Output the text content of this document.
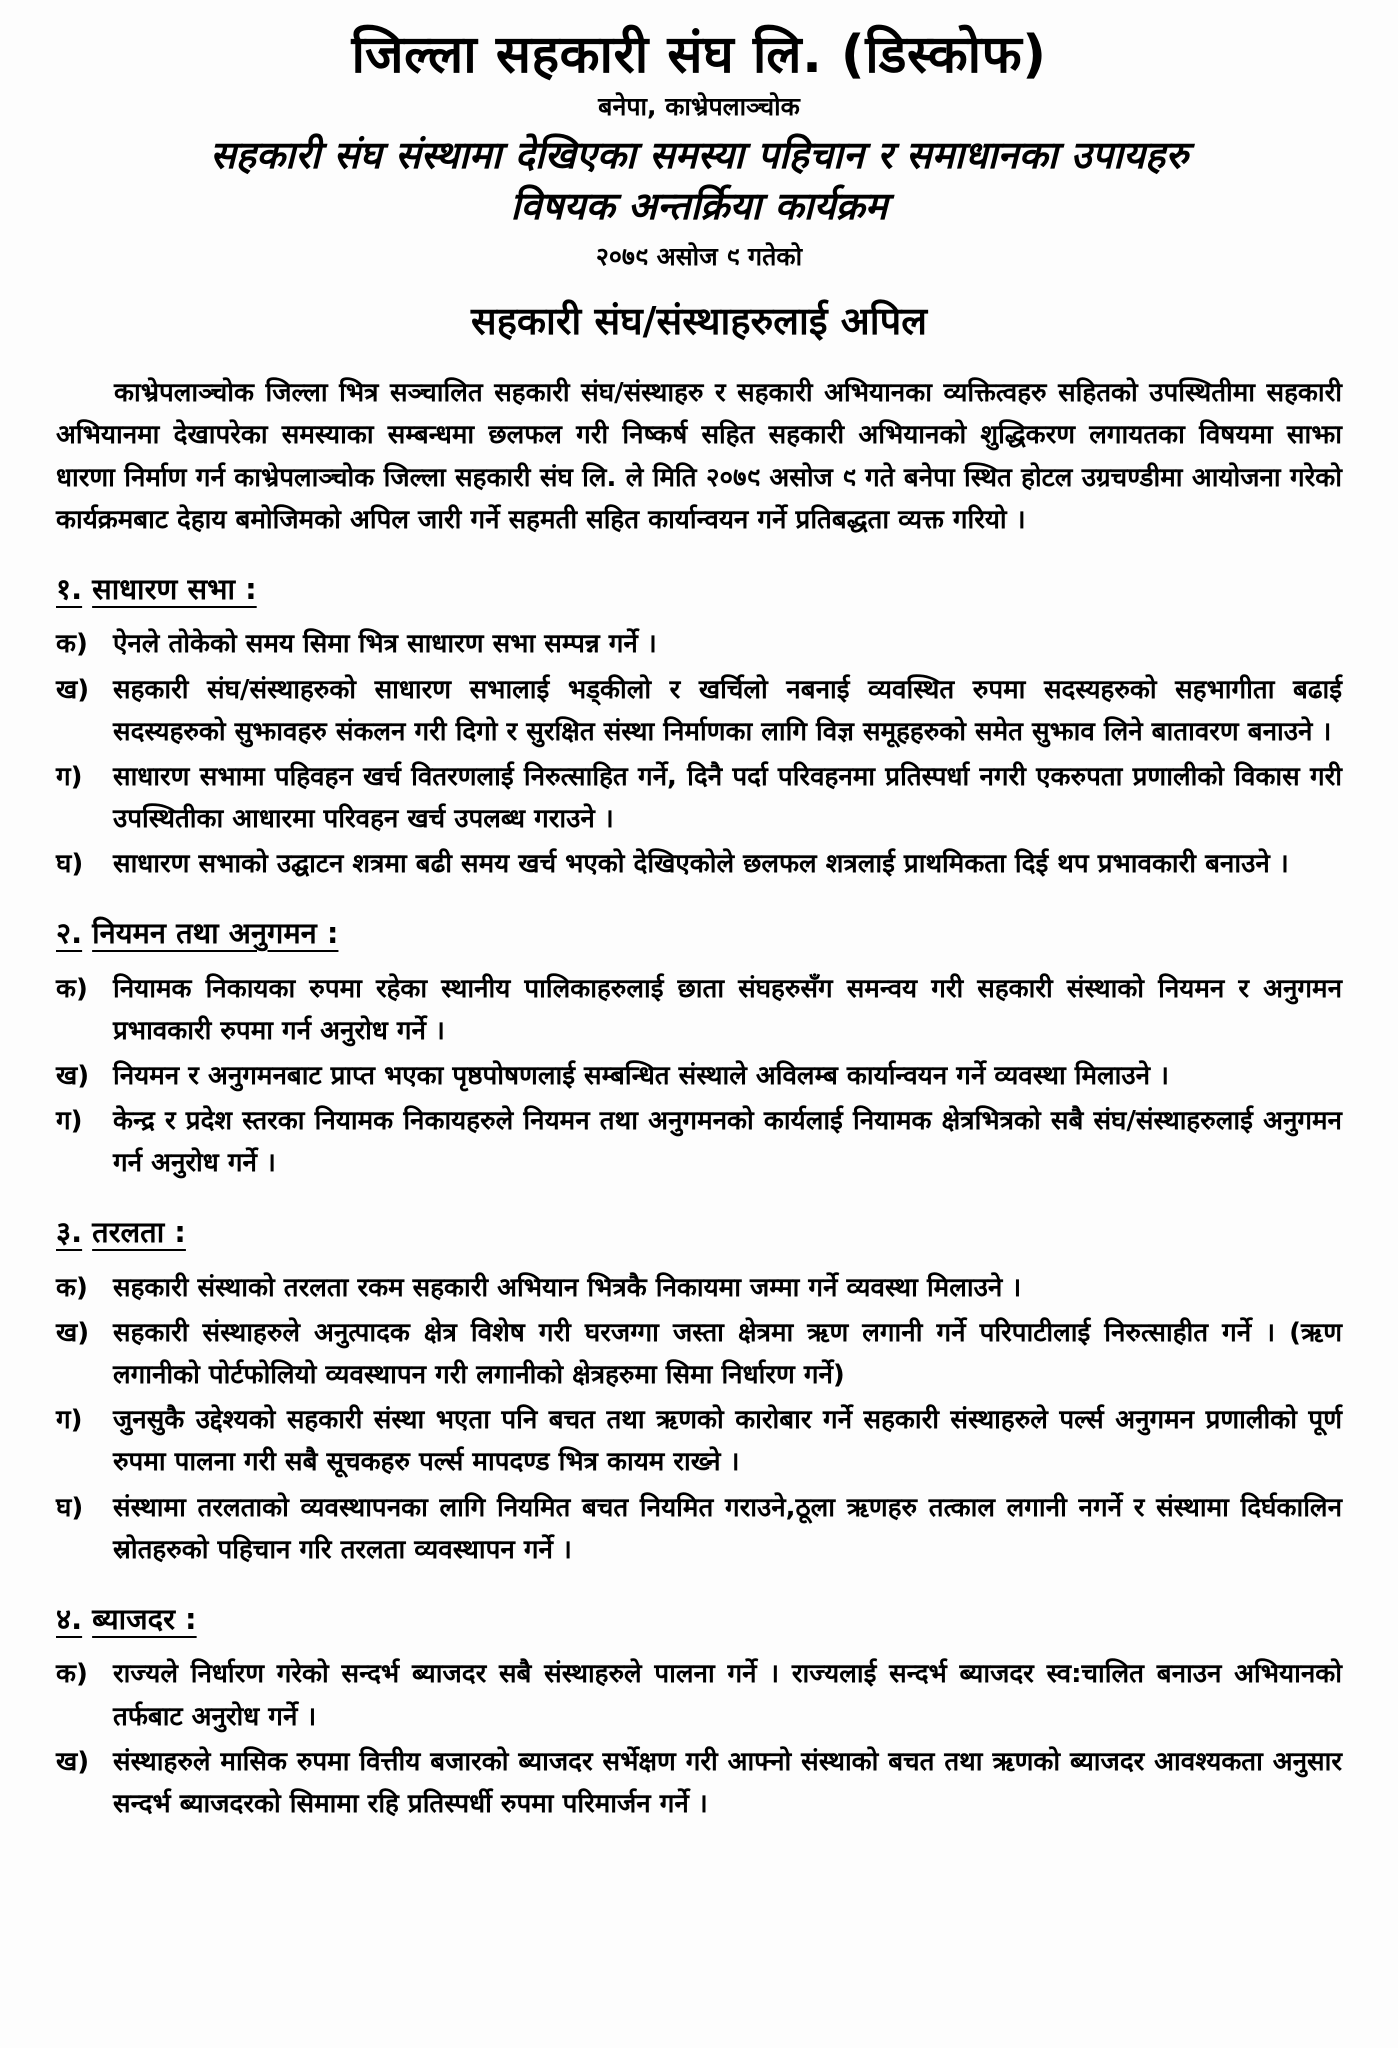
जिल्ला सहकारी संघ लि. (डिस्कोफ)
बनेपा, काभ्रेपलाञ्चोक
सहकारी संघ संस्थामा देखिएका समस्या पहिचान र समाधानका उपायहरु
विषयक अन्तर्क्रिया कार्यक्रम
२०७९ असोज ९ गतेको
सहकारी संघ/संस्थाहरुलाई अपिल

काभ्रेपलाञ्चोक जिल्ला भित्र सञ्चालित सहकारी संघ/संस्थाहरु र सहकारी अभियानका व्यक्तित्वहरु सहितको उपस्थितीमा सहकारी अभियानमा देखापरेका समस्याका सम्बन्धमा छलफल गरी निष्कर्ष सहित सहकारी अभियानको शुद्धिकरण लगायतका विषयमा साझा धारणा निर्माण गर्न काभ्रेपलाञ्चोक जिल्ला सहकारी संघ लि. ले मिति २०७९ असोज ९ गते बनेपा स्थित होटल उग्रचण्डीमा आयोजना गरेको कार्यक्रमबाट देहाय बमोजिमको अपिल जारी गर्ने सहमती सहित कार्यान्वयन गर्ने प्रतिबद्धता व्यक्त गरियो ।

१. साधारण सभा :
क) ऐनले तोकेको समय सिमा भित्र साधारण सभा सम्पन्न गर्ने ।
ख) सहकारी संघ/संस्थाहरुको साधारण सभालाई भड्कीलो र खर्चिलो नबनाई व्यवस्थित रुपमा सदस्यहरुको सहभागीता बढाई सदस्यहरुको सुझावहरु संकलन गरी दिगो र सुरक्षित संस्था निर्माणका लागि विज्ञ समूहहरुको समेत सुझाव लिने बातावरण बनाउने ।
ग)	साधारण सभामा पहिवहन खर्च वितरणलाई निरुत्साहित गर्ने, दिनै पर्दा परिवहनमा प्रतिस्पर्धा नगरी एकरुपता प्रणालीको विकास गरी उपस्थितीका आधारमा परिवहन खर्च उपलब्ध गराउने ।
घ)	साधारण सभाको उद्घाटन शत्रमा बढी समय खर्च भएको देखिएकोले छलफल शत्रलाई प्राथमिकता दिई थप प्रभावकारी बनाउने ।
२. नियमन तथा अनुगमन :
क) नियामक निकायका रुपमा रहेका स्थानीय पालिकाहरुलाई छाता संघहरुसँग समन्वय गरी सहकारी संस्थाको नियमन र अनुगमन प्रभावकारी रुपमा गर्न अनुरोध गर्ने ।
ख) नियमन र अनुगमनबाट प्राप्त भएका पृष्ठपोषणलाई सम्बन्धित संस्थाले अविलम्ब कार्यान्वयन गर्ने व्यवस्था मिलाउने ।
ग)	केन्द्र र प्रदेश स्तरका नियामक निकायहरुले नियमन तथा अनुगमनको कार्यलाई नियामक क्षेत्रभित्रको सबै संघ/संस्थाहरुलाई अनुगमन गर्न अनुरोध गर्ने ।
३. तरलता :
क) सहकारी संस्थाको तरलता रकम सहकारी अभियान भित्रकै निकायमा जम्मा गर्ने व्यवस्था मिलाउने ।
ख) सहकारी संस्थाहरुले अनुत्पादक क्षेत्र विशेष गरी घरजग्गा जस्ता क्षेत्रमा ऋण लगानी गर्ने परिपाटीलाई निरुत्साहीत गर्ने । (ऋण लगानीको पोर्टफोलियो व्यवस्थापन गरी लगानीको क्षेत्रहरुमा सिमा निर्धारण गर्ने)
ग)	जुनसुकै उद्देश्यको सहकारी संस्था भएता पनि बचत तथा ऋणको कारोबार गर्ने सहकारी संस्थाहरुले पर्ल्स अनुगमन प्रणालीको पूर्ण रुपमा पालना गरी सबै सूचकहरु पर्ल्स मापदण्ड भित्र कायम राख्ने ।
घ)	संस्थामा तरलताको व्यवस्थापनका लागि नियमित बचत नियमित गराउने,ठूला ऋणहरु तत्काल लगानी नगर्ने र संस्थामा दिर्घकालिन स्रोतहरुको पहिचान गरि तरलता व्यवस्थापन गर्ने ।
४. ब्याजदर :
क) राज्यले निर्धारण गरेको सन्दर्भ ब्याजदर सबै संस्थाहरुले पालना गर्ने । राज्यलाई सन्दर्भ ब्याजदर स्व:चालित बनाउन अभियानको तर्फबाट अनुरोध गर्ने ।
ख) संस्थाहरुले मासिक रुपमा वित्तीय बजारको ब्याजदर सर्भेक्षण गरी आफ्नो संस्थाको बचत तथा ऋणको ब्याजदर आवश्यकता अनुसार सन्दर्भ ब्याजदरको सिमामा रहि प्रतिस्पर्धी रुपमा परिमार्जन गर्ने ।
